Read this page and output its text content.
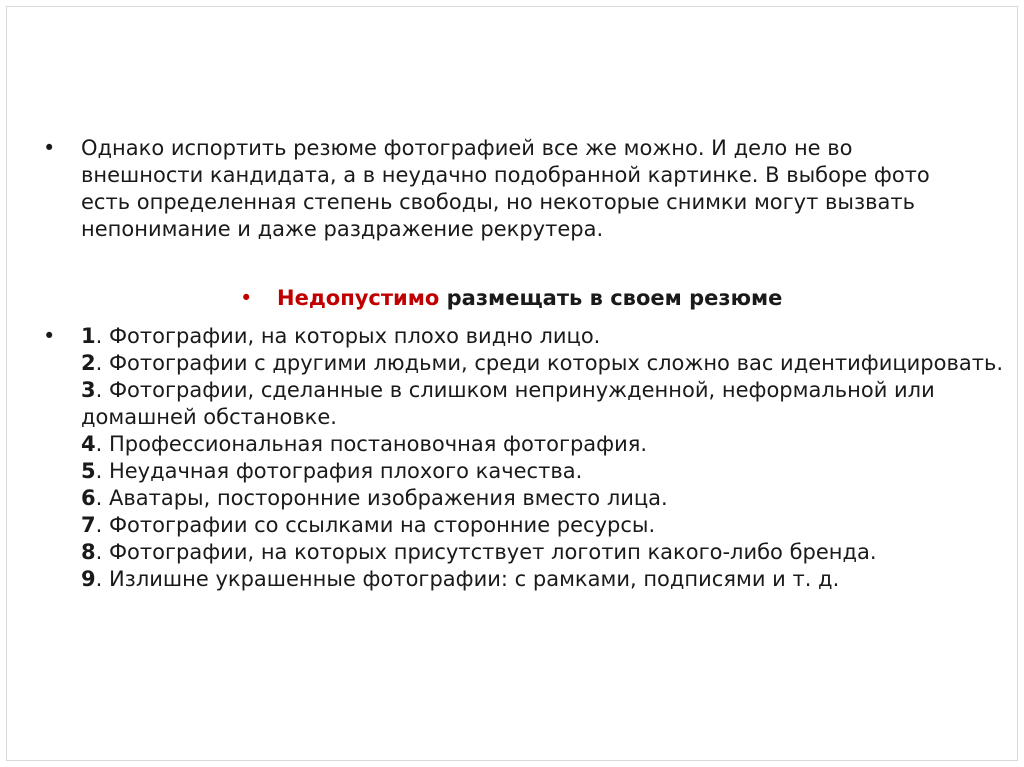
•	Однако испортить резюме фотографией все же можно. И дело не во внешности кандидата, а в неудачно подобранной картинке. В выборе фото есть определенная степень свободы, но некоторые снимки могут вызвать непонимание и даже раздражение рекрутера.
•	Недопустимо размещать в своем резюме
•	1. Фотографии, на которых плохо видно лицо.
2. Фотографии с другими людьми, среди которых сложно вас идентифицировать.
3. Фотографии, сделанные в слишком непринужденной, неформальной или домашней обстановке.
4. Профессиональная постановочная фотография.
5. Неудачная фотография плохого качества.
6. Аватары, посторонние изображения вместо лица.
7. Фотографии со ссылками на сторонние ресурсы.
8. Фотографии, на которых присутствует логотип какого-либо бренда.
9. Излишне украшенные фотографии: с рамками, подписями и т. д.
